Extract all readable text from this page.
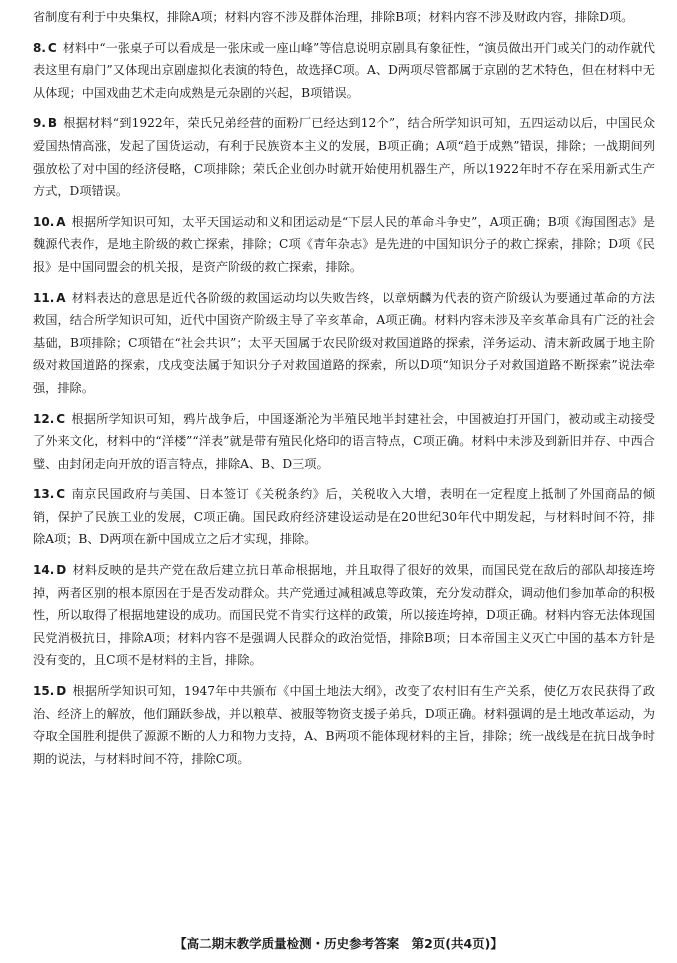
省制度有利于中央集权，排除A项；材料内容不涉及群体治理，排除B项；材料内容不涉及财政内容，排除D项。

8. C 材料中“一张桌子可以看成是一张床或一座山峰”等信息说明京剧具有象征性，“演员做出开门或关门的动作就代表这里有扇门”又体现出京剧虚拟化表演的特色，故选择C项。A、D两项尽管都属于京剧的艺术特色，但在材料中无从体现；中国戏曲艺术走向成熟是元杂剧的兴起，B项错误。

9. B 根据材料“到1922年，荣氏兄弟经营的面粉厂已经达到12个”，结合所学知识可知，五四运动以后，中国民众爱国热情高涨，发起了国货运动，有利于民族资本主义的发展，B项正确；A项“趋于成熟”错误，排除；一战期间列强放松了对中国的经济侵略，C项排除；荣氏企业创办时就开始使用机器生产，所以1922年时不存在采用新式生产方式，D项错误。

10. A 根据所学知识可知，太平天国运动和义和团运动是“下层人民的革命斗争史”，A项正确；B项《海国图志》是魏源代表作，是地主阶级的救亡探索，排除；C项《青年杂志》是先进的中国知识分子的救亡探索，排除；D项《民报》是中国同盟会的机关报，是资产阶级的救亡探索，排除。

11. A 材料表达的意思是近代各阶级的救国运动均以失败告终，以章炳麟为代表的资产阶级认为要通过革命的方法救国，结合所学知识可知，近代中国资产阶级主导了辛亥革命，A项正确。材料内容未涉及辛亥革命具有广泛的社会基础，B项排除；C项错在“社会共识”；太平天国属于农民阶级对救国道路的探索，洋务运动、清末新政属于地主阶级对救国道路的探索，戊戌变法属于知识分子对救国道路的探索，所以D项“知识分子对救国道路不断探索”说法牵强，排除。

12. C 根据所学知识可知，鸦片战争后，中国逐渐沦为半殖民地半封建社会，中国被迫打开国门，被动或主动接受了外来文化，材料中的“洋楼”“洋表”就是带有殖民化烙印的语言特点，C项正确。材料中未涉及到新旧并存、中西合璧、由封闭走向开放的语言特点，排除A、B、D三项。

13. C 南京民国政府与美国、日本签订《关税条约》后，关税收入大增，表明在一定程度上抵制了外国商品的倾销，保护了民族工业的发展，C项正确。国民政府经济建设运动是在20世纪30年代中期发起，与材料时间不符，排除A项；B、D两项在新中国成立之后才实现，排除。

14. D 材料反映的是共产党在敌后建立抗日革命根据地，并且取得了很好的效果，而国民党在敌后的部队却接连垮掉，两者区别的根本原因在于是否发动群众。共产党通过减租减息等政策，充分发动群众，调动他们参加革命的积极性，所以取得了根据地建设的成功。而国民党不肯实行这样的政策，所以接连垮掉，D项正确。材料内容无法体现国民党消极抗日，排除A项；材料内容不是强调人民群众的政治觉悟，排除B项；日本帝国主义灭亡中国的基本方针是没有变的，且C项不是材料的主旨，排除。

15. D 根据所学知识可知，1947年中共颁布《中国土地法大纲》，改变了农村旧有生产关系，使亿万农民获得了政治、经济上的解放，他们踊跃参战，并以粮草、被服等物资支援子弟兵，D项正确。材料强调的是土地改革运动，为夺取全国胜利提供了源源不断的人力和物力支持，A、B两项不能体现材料的主旨，排除；统一战线是在抗日战争时期的说法，与材料时间不符，排除C项。

【高二期末教学质量检测・历史参考答案　第2页(共4页)】
